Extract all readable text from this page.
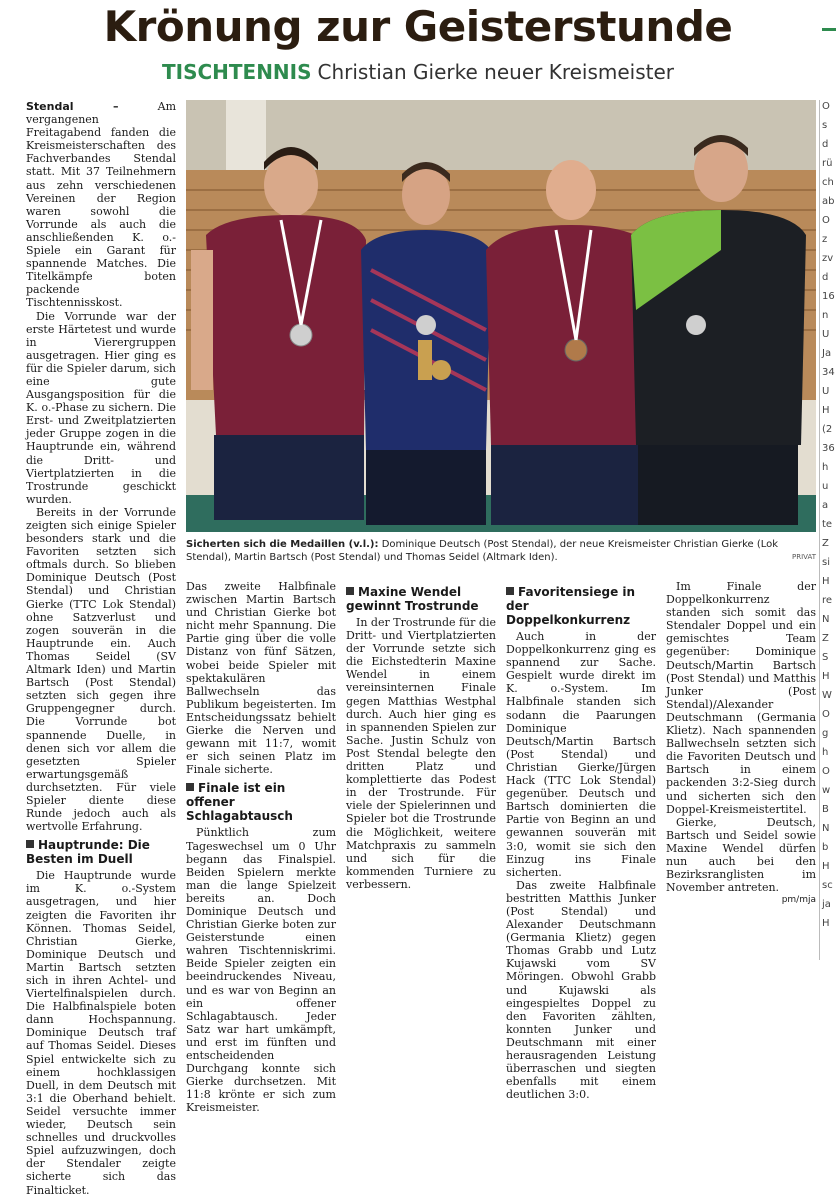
Krönung zur Geisterstunde
TISCHTENNIS Christian Gierke neuer Kreismeister

Stendal –	Am vergangenen Freitagabend fanden die Kreismeisterschaften des Fachverbandes Stendal statt. Mit 37 Teilnehmern aus zehn verschiedenen Vereinen der Region waren sowohl die Vorrunde als auch die anschließenden K. o.-Spiele ein Garant für spannende Matches. Die Titelkämpfe boten packende Tischtennisskost.

Die Vorrunde war der erste Härtetest und wurde in Vierergruppen ausgetragen. Hier ging es für die Spieler darum, sich eine gute Ausgangsposition für die K. o.-Phase zu sichern. Die Erst- und Zweitplatzierten jeder Gruppe zogen in die Hauptrunde ein, während die Dritt- und Viertplatzierten in die Trostrunde geschickt wurden.

Bereits in der Vorrunde zeigten sich einige Spieler besonders stark und die Favoriten setzten sich oftmals durch. So blieben Dominique Deutsch (Post Stendal) und Christian Gierke (TTC Lok Stendal) ohne Satzverlust und zogen souverän in die Hauptrunde ein. Auch Thomas Seidel (SV Altmark Iden) und Martin Bartsch (Post Stendal) setzten sich gegen ihre Gruppengegner durch. Die Vorrunde bot spannende Duelle, in denen sich vor allem die gesetzten Spieler erwartungsgemäß durchsetzten. Für viele Spieler diente diese Runde jedoch auch als wertvolle Erfahrung.

Hauptrunde: Die Besten im Duell

Die Hauptrunde wurde im K. o.-System ausgetragen, und hier zeigten die Favoriten ihr Können. Thomas Seidel, Christian Gierke, Dominique Deutsch und Martin Bartsch setzten sich in ihren Achtel- und Viertelfinalspielen durch. Die Halbfinalspiele boten dann Hochspannung. Dominique Deutsch traf auf Thomas Seidel. Dieses Spiel entwickelte sich zu einem hochklassigen Duell, in dem Deutsch mit 3:1 die Oberhand behielt. Seidel versuchte immer wieder, Deutsch sein schnelles und druckvolles Spiel aufzuzwingen, doch der Stendaler zeigte sicherte sich das Finalticket.

Sicherten sich die Medaillen (v.l.): Dominique Deutsch (Post Stendal), der neue Kreismeister Christian Gierke (Lok Stendal), Martin Bartsch (Post Stendal) und Thomas Seidel (Altmark Iden).	PRIVAT

Das zweite Halbfinale zwischen Martin Bartsch und Christian Gierke bot nicht mehr Spannung. Die Partie ging über die volle Distanz von fünf Sätzen, wobei beide Spieler mit spektakulären Ballwechseln das Publikum begeisterten. Im Entscheidungssatz behielt Gierke die Nerven und gewann mit 11:7, womit er sich seinen Platz im Finale sicherte.

Finale ist ein offener Schlagabtausch

Pünktlich zum Tageswechsel um 0 Uhr begann das Finalspiel. Beiden Spielern merkte man die lange Spielzeit bereits an. Doch Dominique Deutsch und Christian Gierke boten zur Geisterstunde einen wahren Tischtenniskrimi. Beide Spieler zeigten ein beeindruckendes Niveau, und es war von Beginn an ein offener Schlagabtausch. Jeder Satz war hart umkämpft, und erst im fünften und entscheidenden Durchgang konnte sich Gierke durchsetzen. Mit 11:8 krönte er sich zum Kreismeister.

Maxine Wendel gewinnt Trostrunde

In der Trostrunde für die Dritt- und Viertplatzierten der Vorrunde setzte sich die Eichstedterin Maxine Wendel in einem vereinsinternen Finale gegen Matthias Westphal durch. Auch hier ging es in spannenden Spielen zur Sache. Justin Schulz von Post Stendal belegte den dritten Platz und komplettierte das Podest in der Trostrunde. Für viele der Spielerinnen und Spieler bot die Trostrunde die Möglichkeit, weitere Matchpraxis zu sammeln und sich für die kommenden Turniere zu verbessern.

Favoritensiege in der Doppelkonkurrenz

Auch in der Doppelkonkurrenz ging es spannend zur Sache. Gespielt wurde direkt im K. o.-System. Im Halbfinale standen sich sodann die Paarungen Dominique Deutsch/Martin Bartsch (Post Stendal) und Christian Gierke/Jürgen Hack (TTC Lok Stendal) gegenüber. Deutsch und Bartsch dominierten die Partie von Beginn an und gewannen souverän mit 3:0, womit sie sich den Einzug ins Finale sicherten.

Das zweite Halbfinale bestritten Matthis Junker (Post Stendal) und Alexander Deutschmann (Germania Klietz) gegen Thomas Grabb und Lutz Kujawski vom SV Möringen. Obwohl Grabb und Kujawski als eingespieltes Doppel zu den Favoriten zählten, konnten Junker und Deutschmann mit einer herausragenden Leistung überraschen und siegten ebenfalls mit einem deutlichen 3:0.

Im Finale der Doppelkonkurrenz standen sich somit das Stendaler Doppel und ein gemischtes Team gegenüber: Dominique Deutsch/Martin Bartsch (Post Stendal) und Matthis Junker (Post Stendal)/Alexander Deutschmann (Germania Klietz). Nach spannenden Ballwechseln setzten sich die Favoriten Deutsch und Bartsch in einem packenden 3:2-Sieg durch und sicherten sich den Doppel-Kreismeistertitel.

Gierke, Deutsch, Bartsch und Seidel sowie Maxine Wendel dürfen nun auch bei den Bezirksranglisten im November antreten.

pm/mja
O
s
d
rü
ch
ab
O
z
zv
d
16
n
U
Ja
34
U
H
(2
36
h
u
a
te
Z
si
H
re
N
Z
S
H
W
O
g
h
O
w
B
N
b
H
sc
ja
H
